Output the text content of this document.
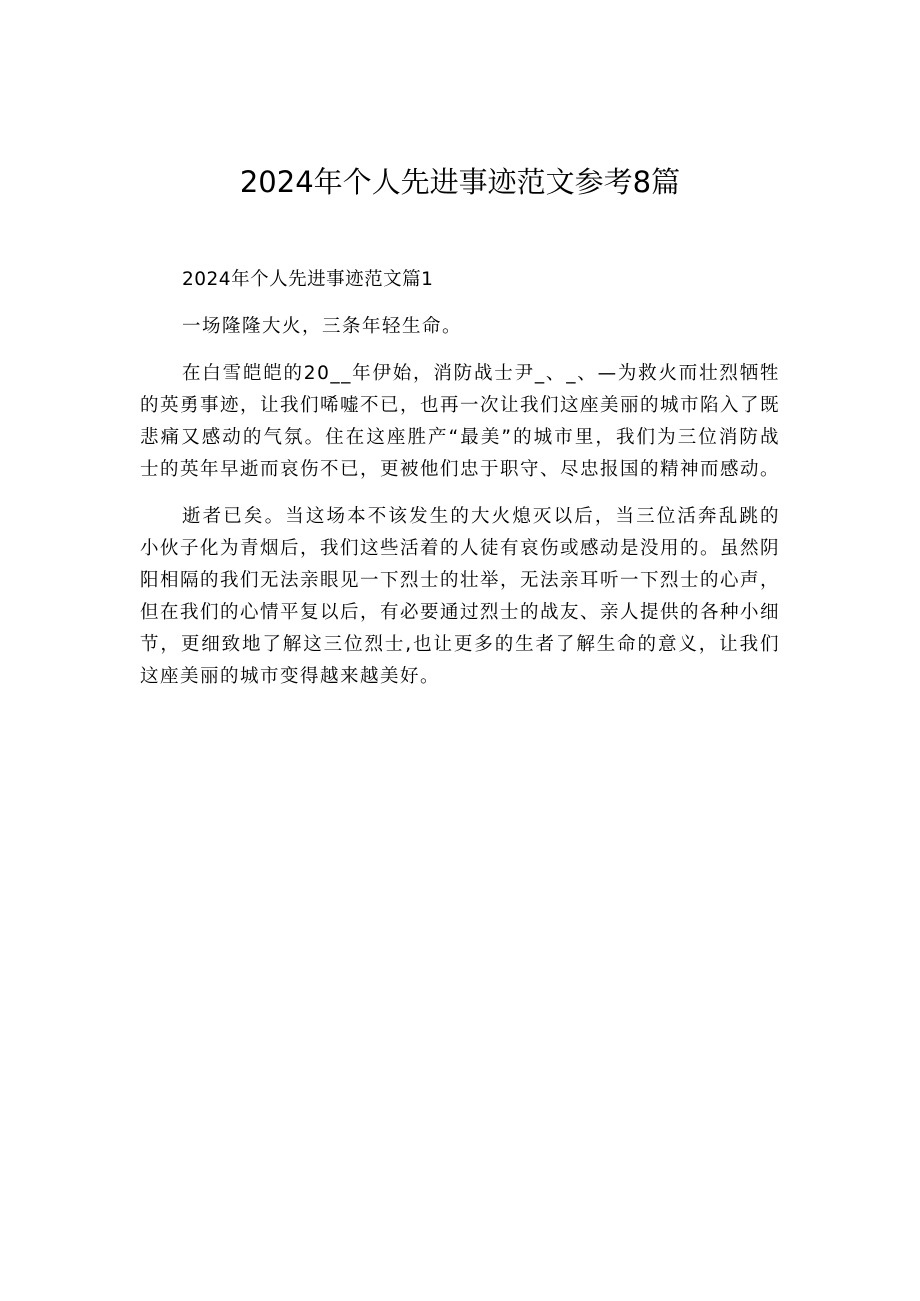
2024年个人先进事迹范文参考8篇

2024年个人先进事迹范文篇1

一场隆隆大火，三条年轻生命。

在白雪皑皑的20__年伊始，消防战士尹_、_、—为救火而壮烈牺牲的英勇事迹，让我们唏嘘不已，也再一次让我们这座美丽的城市陷入了既悲痛又感动的气氛。住在这座胜产“最美”的城市里，我们为三位消防战士的英年早逝而哀伤不已，更被他们忠于职守、尽忠报国的精神而感动。

逝者已矣。当这场本不该发生的大火熄灭以后，当三位活奔乱跳的小伙子化为青烟后，我们这些活着的人徒有哀伤或感动是没用的。虽然阴阳相隔的我们无法亲眼见一下烈士的壮举，无法亲耳听一下烈士的心声，但在我们的心情平复以后，有必要通过烈士的战友、亲人提供的各种小细节，更细致地了解这三位烈士,也让更多的生者了解生命的意义，让我们这座美丽的城市变得越来越美好。
